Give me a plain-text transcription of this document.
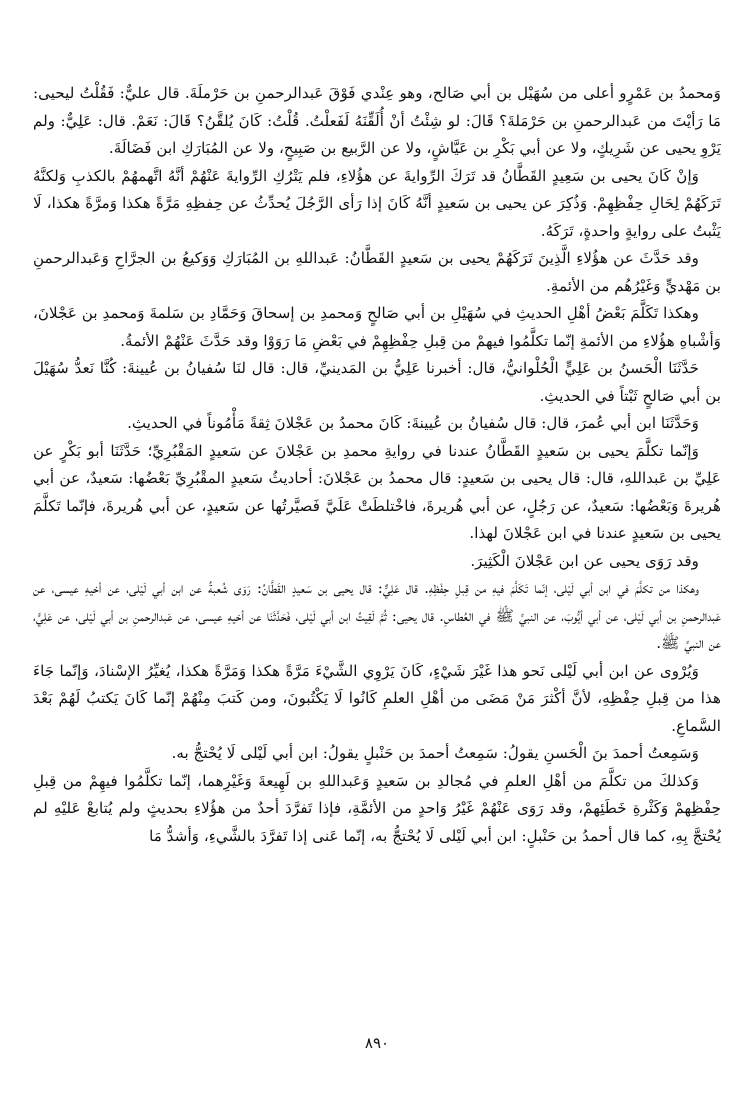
وَمحمدُ بن عَمْرٍو أعلى من سُهَيْل بن أبي صَالح، وهو عِنْدي فَوْقَ عَبدالرحمنِ بن حَرْملَةَ. قال عليٌّ: فَقُلْتُ ليحيى: مَا رَأيْتَ من عَبدالرحمنِ بن حَرْمَلةَ؟ قَالَ: لو شِئْتُ أنْ أُلَقِّنَهُ لَفَعلْتُ. قُلْتُ: كَانَ يُلقَّنُ؟ قَالَ: نَعَمْ. قال: عَلِيٌّ: ولم يَرْوِ يحيى عن شَرِيكٍ، ولا عن أبي بَكْرِ بن عَيَّاشٍ، ولا عن الرَّبيع بن صَبِيحٍ، ولا عن المُبَارَكِ ابن فَضَالَةَ.

وَإنْ كَانَ يحيى بن سَعِيدٍ القَطَّانُ قد تَرَكَ الرِّوايةَ عن هؤُلاءِ، فلم يَتْرُكِ الرِّوايةَ عَنْهُمْ أنَّهُ اتَّهمهُمْ بالكذبِ وَلكنَّهُ تَرَكَهُمْ لِحَالِ حِفْظِهِمْ. وَذُكِرَ عن يحيى بن سَعيدٍ أنَّهُ كَانَ إذا رَأى الرَّجُلَ يُحدِّثُ عن حِفظِهِ مَرَّةً هكذا وَمرَّةً هكذا، لَا يَثْبتُ على روايةٍ واحدةٍ، تَرَكَهُ.

وقد حَدَّثَ عن هؤُلاءِ الَّذِينَ تَرَكَهُمْ يحيى بن سَعيدٍ القَطَّانُ: عَبداللهِ بن المُبَارَكِ وَوَكيعُ بن الجرَّاحِ وَعَبدالرحمنِ بن مَهْديٍّ وَغَيْرُهُم من الأئمةِ.

وهكذا تَكَلَّمَ بَعْضُ أهْلِ الحديثِ في سُهَيْلِ بن أبي صَالحٍ وَمحمدِ بن إسحاقَ وَحَمَّادِ بن سَلمةَ وَمحمدِ بن عَجْلانَ، وَأشْباهِ هؤُلاءِ من الأئمةِ إنّما تكلَّمُوا فيهمْ من قِبلِ حِفْظِهِمْ في بَعْضِ مَا رَوَوْا وقد حَدَّثَ عَنْهُمْ الأئمةُ.

حَدَّثَنَا الْحَسنُ بن عَلِيٍّ الْحُلْوانيُّ، قال: أخبرنا عَلِيُّ بن المَدينيِّ، قال: قال لنَا سُفيانُ بن عُيينةَ: كُنَّا نَعدُّ سُهَيْلَ بن أبي صَالحٍ ثَبْتاً في الحديثِ.

وَحَدَّثَنَا ابن أبي عُمرَ، قال: قال سُفيانُ بن عُيينةَ: كَانَ محمدُ بن عَجْلانَ ثِقةً مَأْمُوناً في الحديثِ.

وَإنّما تكلَّمَ يحيى بن سَعيدٍ القَطَّانُ عندنا في روايةِ محمدِ بن عَجْلانَ عن سَعيدٍ المَقْبُرِيِّ؛ حَدَّثَنَا أبو بَكْرٍ عن عَلِيِّ بن عَبداللهِ، قال: قال يحيى بن سَعيدٍ: قال محمدُ بن عَجْلانَ: أحاديثُ سَعيدٍ المقْبُرِيِّ بَعْضُها: سَعيدٌ، عن أبي هُريرةَ وَبَعْضُها: سَعيدٌ، عن رَجُلٍ، عن أبي هُريرةَ، فاخْتلطَتْ عَلَيَّ فَصيَّرتُها عن سَعيدٍ، عن أبي هُريرةَ، فإنّما تَكلَّمَ يحيى بن سَعيدٍ عندنا في ابن عَجْلانَ لهذا.

وقد رَوَى يحيى عن ابن عَجْلانَ الْكَثِيرَ.

وهكذا من تكلَّمَ في ابن أبي لَيْلى، إنّما تَكَلَّمَ فيهِ من قِبلِ حِفْظِهِ. قال عَلِيٌّ: قال يحيى بن سَعيدٍ القَطَّانُ: رَوَى شُعبةُ عن ابن أبي لَيْلى، عن أخيهِ عيسى، عن عَبدالرحمنِ بن أبي لَيْلى، عن أبي أيُّوبَ، عن النبيِّ ﷺ في العُطاسِ. قال يحيى: ثُمَّ لَقِيتُ ابن أبي لَيْلى، فَحَدَّثَنَا عن أخيهِ عيسى، عن عَبدالرحمنِ بن أبي لَيْلى، عن عَلِيٍّ، عن النبيِّ ﷺ.

وَيُرْوى عن ابن أبي لَيْلى نَحو هذا غَيْرَ شَيْءٍ، كَانَ يَرْوِي الشَّيْءَ مَرَّةً هكذا وَمَرَّةً هكذا، يُغيِّرُ الإسْنادَ، وَإنّما جَاءَ هذا من قِبلِ حِفْظِهِ، لأنَّ أكْثرَ مَنْ مَضَى من أهْلِ العلمِ كَانُوا لَا يَكْتُبونَ، ومن كَتبَ مِنْهُمْ إنّما كَانَ يَكتبُ لَهُمْ بَعْدَ السَّماعِ.

وَسَمِعتُ أحمدَ بنَ الْحَسنِ يقولُ: سَمِعتُ أحمدَ بن حَنْبلٍ يقولُ: ابن أبي لَيْلى لَا يُحْتجُّ به.

وَكذلكَ من تكلَّمَ من أهْلِ العلمِ في مُجالدِ بن سَعيدٍ وَعَبداللهِ بن لَهِيعةَ وَغَيْرِهما، إنّما تكلَّمُوا فيهِمْ من قِبلِ حِفْظِهمْ وَكَثْرةِ خَطَئِهمْ، وقد رَوَى عَنْهُمْ غَيْرُ وَاحدٍ من الأئمَّةِ، فإذا تَفرَّدَ أحدٌ من هؤُلاءِ بحديثٍ ولم يُتابعْ عَليْهِ لم يُحْتجَّ بِهِ، كما قال أحمدُ بن حَنْبلٍ: ابن أبي لَيْلى لَا يُحْتجُّ به، إنّما عَنى إذا تَفرَّدَ بالشَّيءِ، وَأشدُّ مَا

٨٩٠
